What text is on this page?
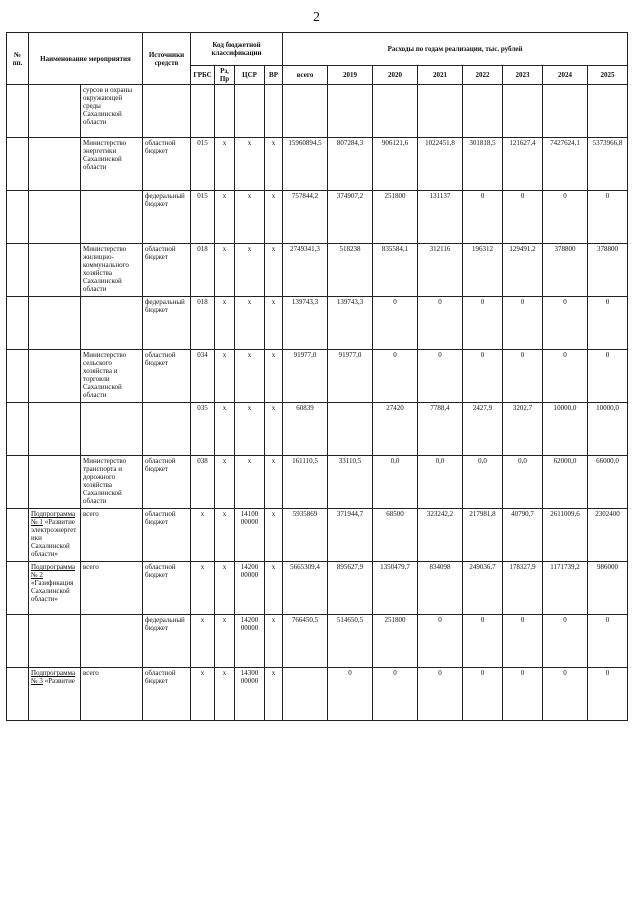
2
№ пп.	Наименование мероприятия		Источники средств	Код бюджетной классификации				Расходы по годам реализации, тыс. рублей							
				ГРБС	Рз, Пр	ЦСР	ВР	всего	2019	2020	2021	2022	2023	2024	2025
		сурсов и охраны окружающей среды Сахалинской области													
		Министерство энергетики Сахалинской области	областной бюджет	015	х	х	х	15960894,5	807284,3	906121,6	1022451,8	301818,5	121627,4	7427624,1	5373966,8
			федеральный бюджет	015	х	х	х	757844,2	374907,2	251800	131137	0	0	0	0
		Министерство жилищно-коммунального хозяйства Сахалинской области	областной бюджет	018	х	х	х	2749341,3	518238	835584,1	312116	196312	129491,2	378800	378800
			федеральный бюджет	018	х	х	х	139743,3	139743,3	0	0	0	0	0	0
		Министерство сельского хозяйства и торговли Сахалинской области	областной бюджет	034	х	х	х	91977,0	91977,0	0	0	0	0	0	0
				035	х	х	х	60839		27420	7788,4	2427,9	3202,7	10000,0	10000,0
		Министерство транспорта и дорожного хозяйства Сахалинской области	областной бюджет	038	х	х	х	161110,5	33110,5	0,0	0,0	0,0	0,0	62000,0	66000,0
	Подпрограмма № 1 «Развитие электроэнергетики Сахалинской области»	всего	областной бюджет	х	х	14100 00000	х	5935869	371944,7	68500	323242,2	217981,8	40790,7	2611009,6	2302400
	Подпрограмма № 2 «Газификация Сахалинской области»	всего	областной бюджет	х	х	14200 00000	х	5665309,4	895627,9	1350479,7	834098	249036,7	178327,9	1171739,2	986000
			федеральный бюджет	х	х	14200 00000	х	766450,5	514650,5	251800	0	0	0	0	0
	Подпрограмма № 3 «Развитие	всего	областной бюджет	х	х	14300 00000	х		0	0	0	0	0	0	0
